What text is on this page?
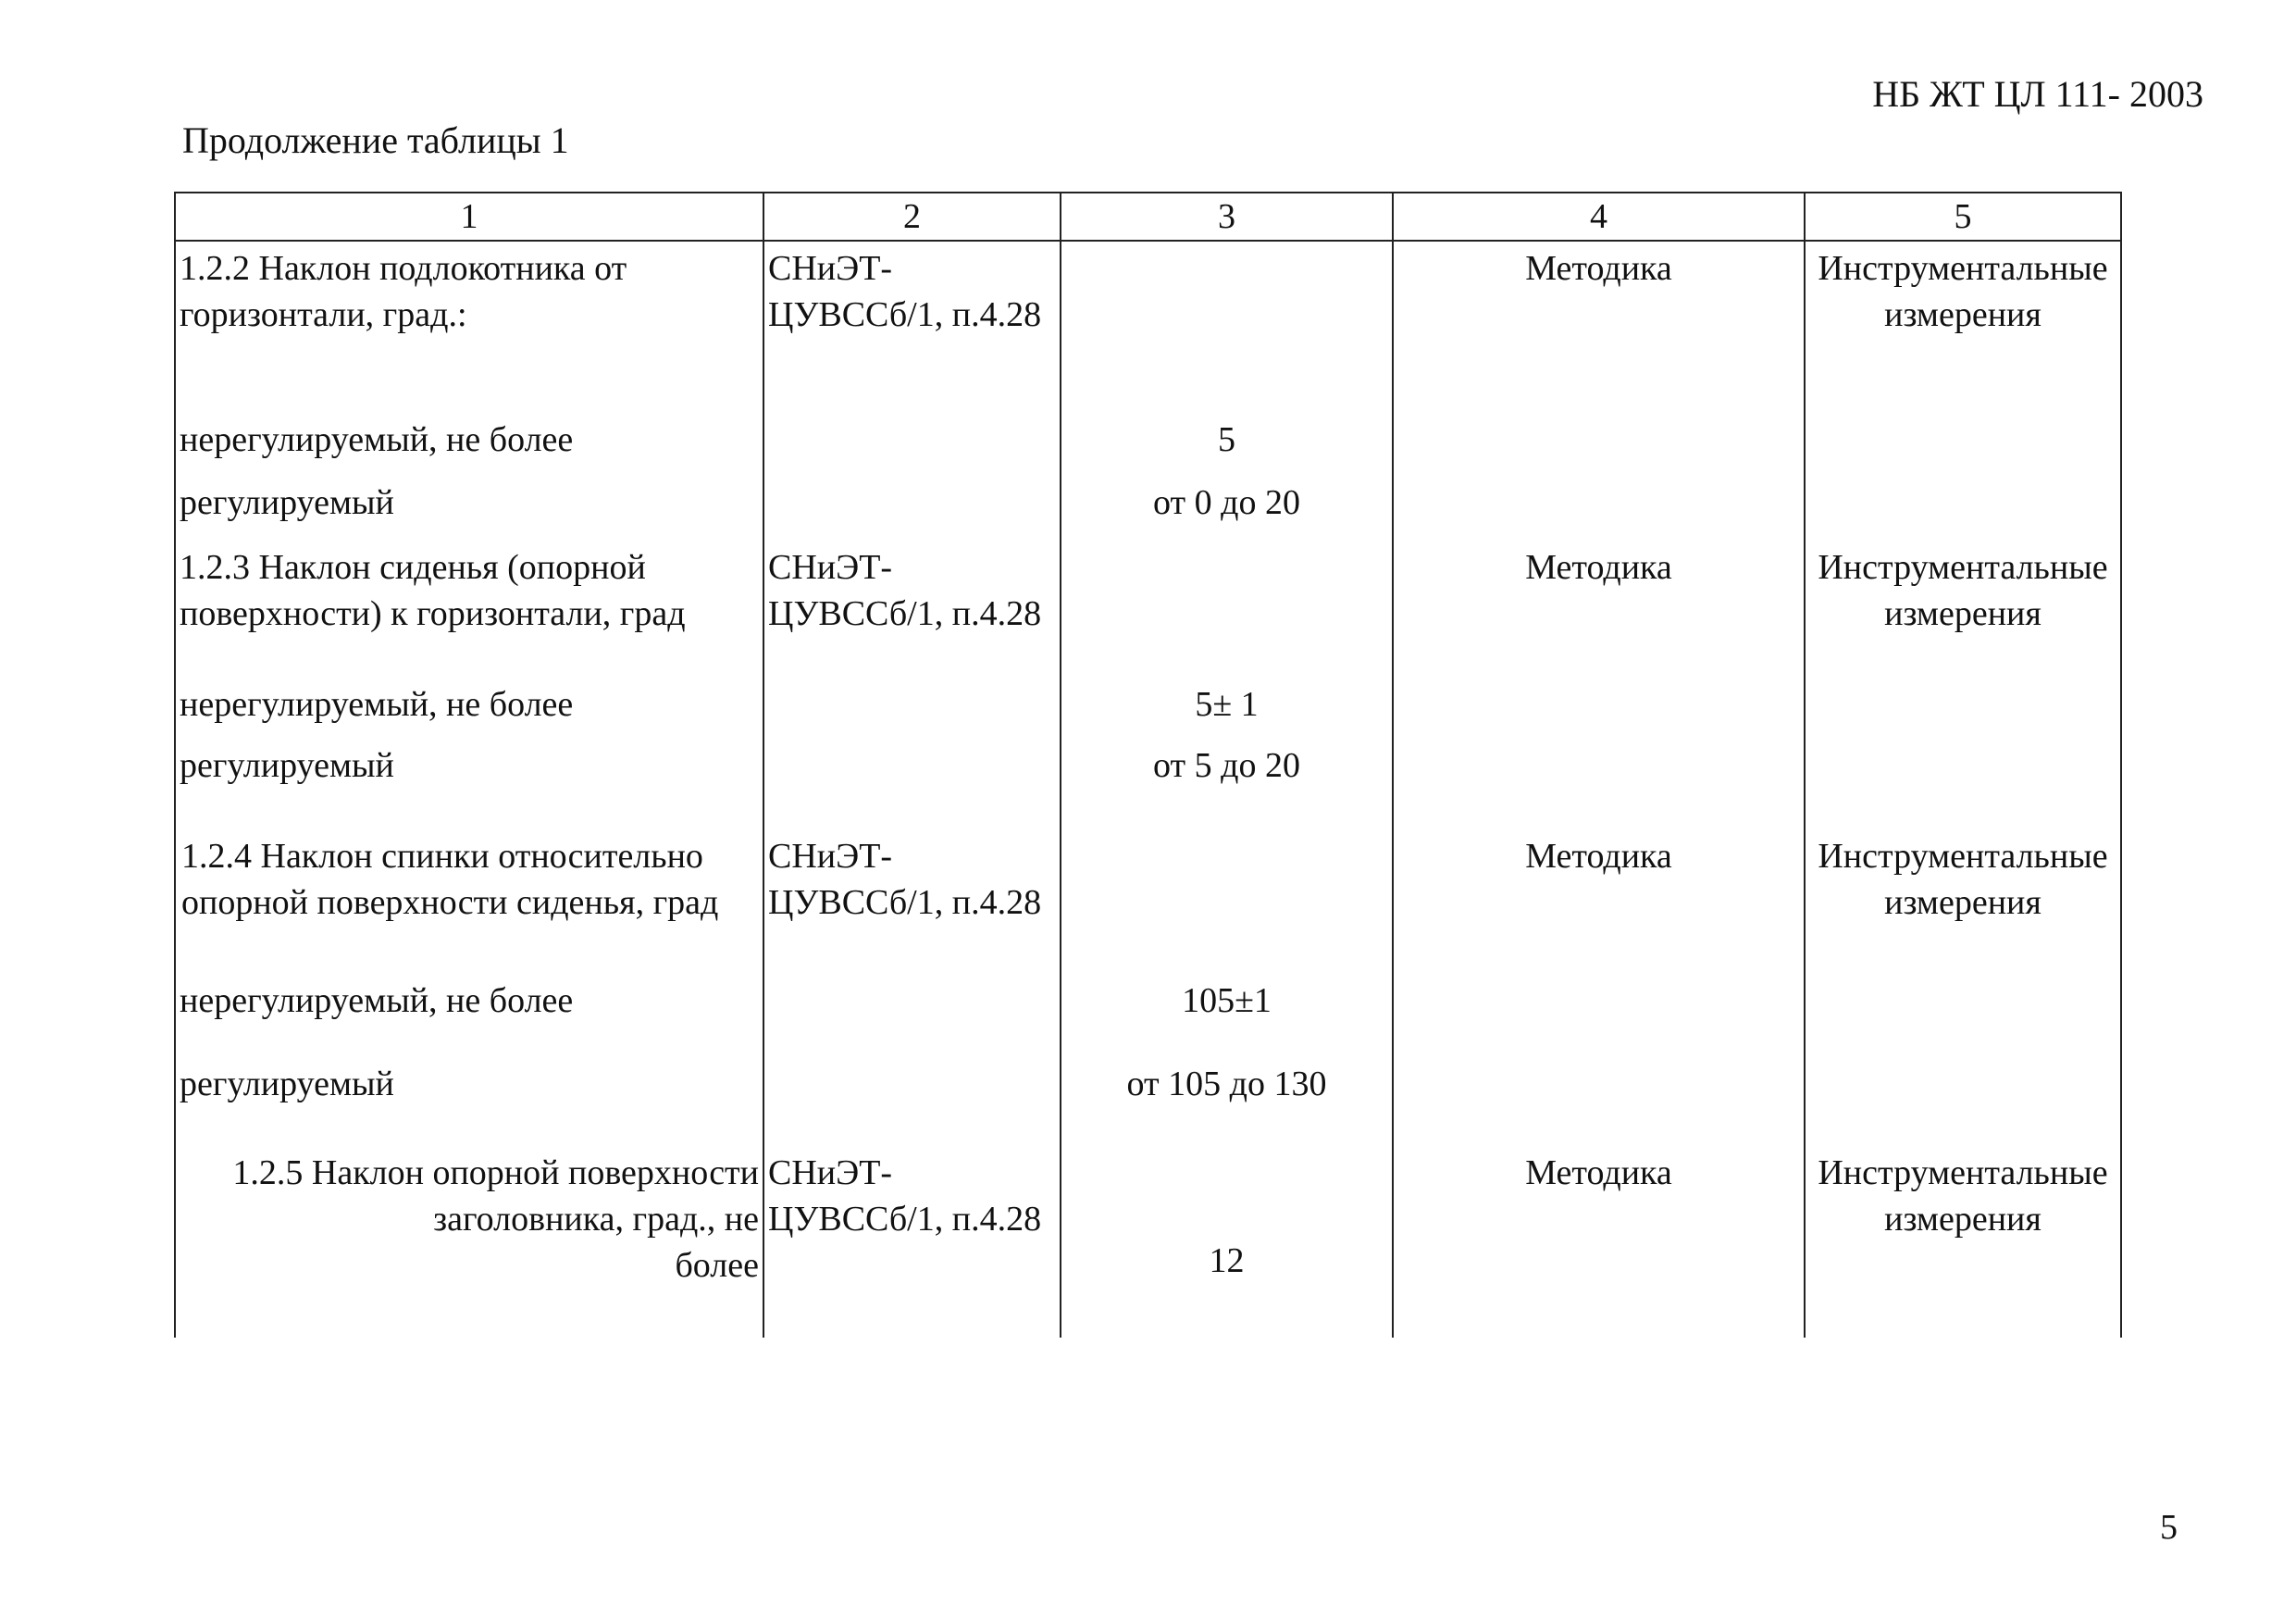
НБ ЖТ ЦЛ 111- 2003
Продолжение таблицы 1
1	2	3	4	5
1.2.2 Наклон подлокотника от горизонтали, град.:	СНиЭТ-ЦУВССб/1, п.4.28		Методика	Инструментальные измерения
нерегулируемый, не более		5		
регулируемый		от 0 до 20		
1.2.3 Наклон сиденья (опорной поверхности) к горизонтали, град	СНиЭТ-ЦУВССб/1, п.4.28		Методика	Инструментальные измерения
нерегулируемый, не более		5± 1		
регулируемый		от 5 до 20		
1.2.4 Наклон спинки относительно опорной поверхности сиденья, град	СНиЭТ-ЦУВССб/1, п.4.28		Методика	Инструментальные измерения
нерегулируемый, не более		105±1		
регулируемый		от 105 до 130		
1.2.5 Наклон опорной поверхности заголовника, град., не более	СНиЭТ-ЦУВССб/1, п.4.28	12	Методика	Инструментальные измерения
5
